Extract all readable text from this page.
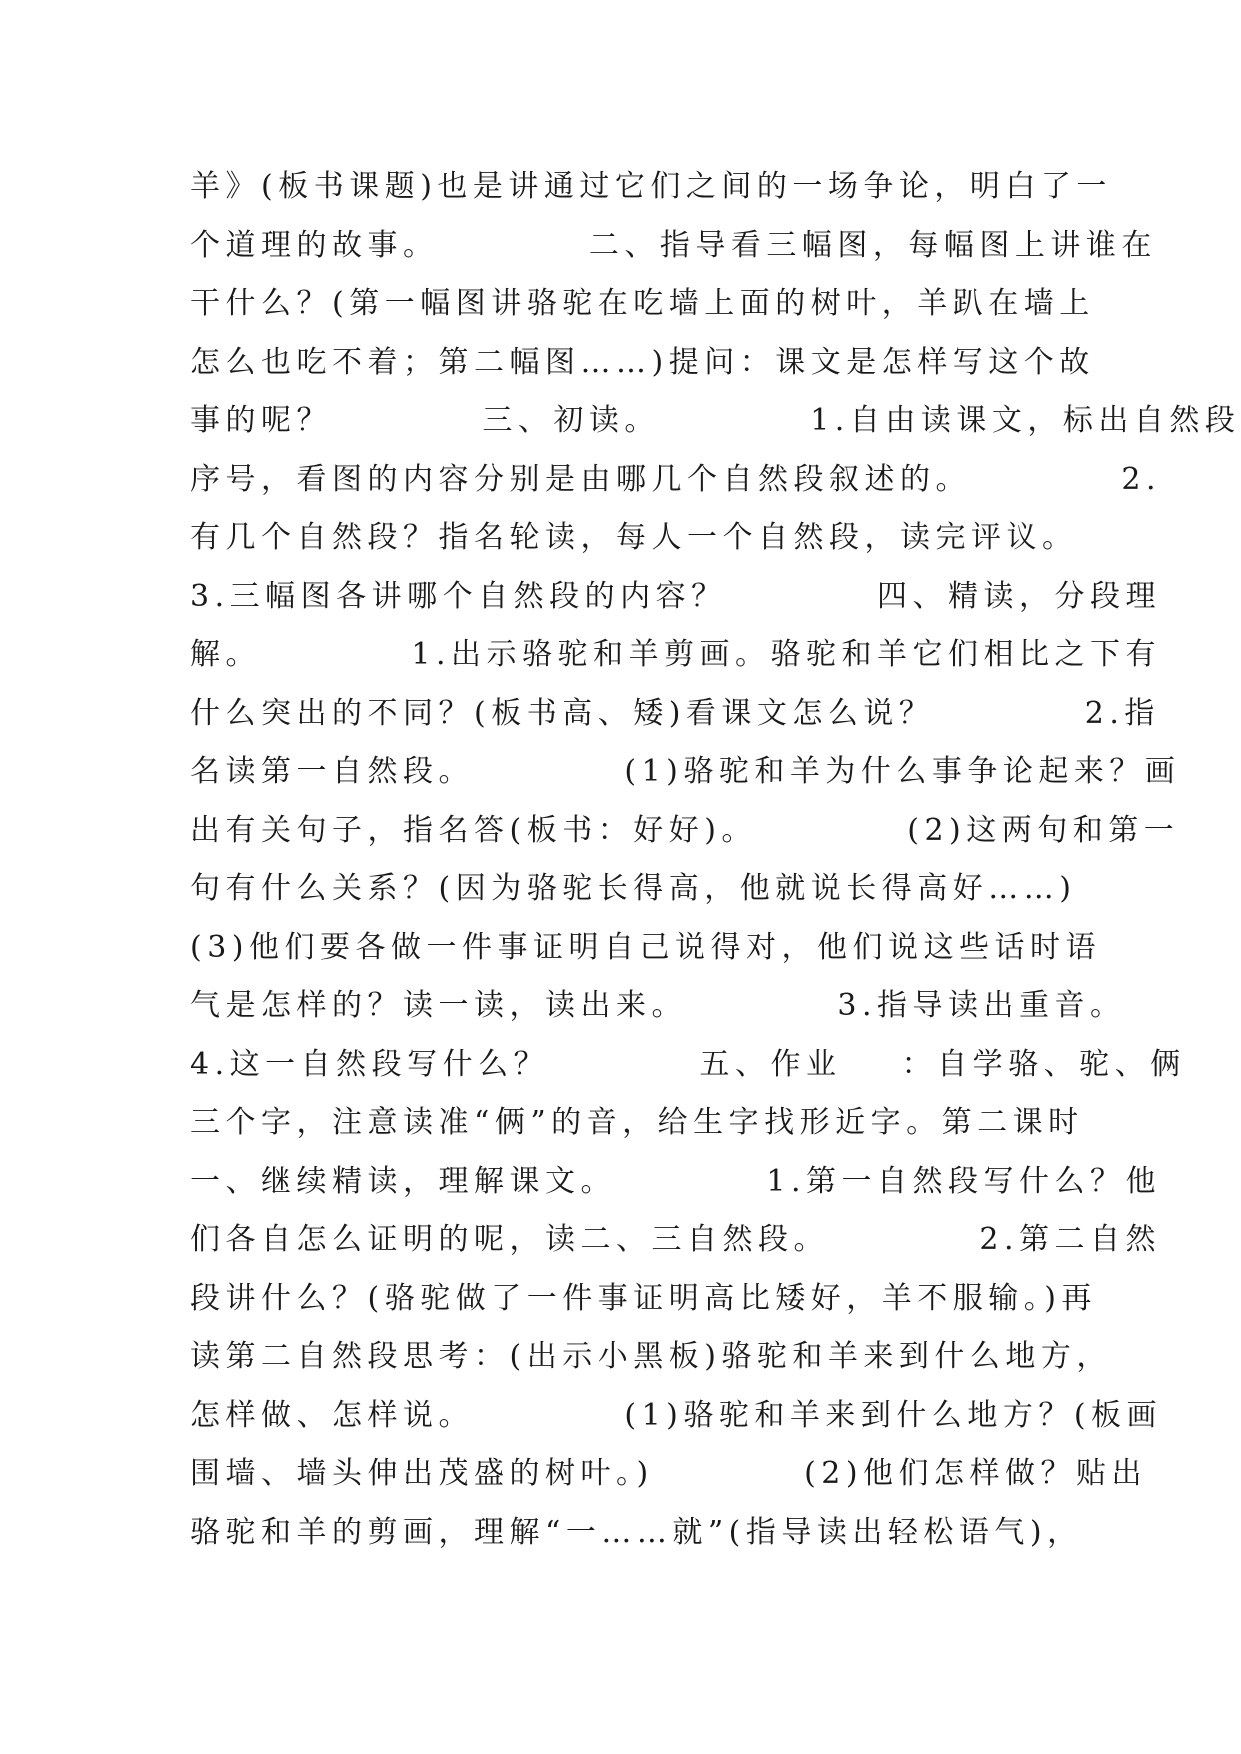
羊》(板书课题)也是讲通过它们之间的一场争论，明白了一
个道理的故事。          二、指导看三幅图，每幅图上讲谁在
干什么？(第一幅图讲骆驼在吃墙上面的树叶，羊趴在墙上
怎么也吃不着；第二幅图……)提问：课文是怎样写这个故
事的呢？          三、初读。          1.自由读课文，标出自然段
序号，看图的内容分别是由哪几个自然段叙述的。          2.
有几个自然段？指名轮读，每人一个自然段，读完评议。
3.三幅图各讲哪个自然段的内容？          四、精读，分段理
解。          1.出示骆驼和羊剪画。骆驼和羊它们相比之下有
什么突出的不同？(板书高、矮)看课文怎么说？          2.指
名读第一自然段。          (1)骆驼和羊为什么事争论起来？画
出有关句子，指名答(板书：好好)。          (2)这两句和第一
句有什么关系？(因为骆驼长得高，他就说长得高好……)
(3)他们要各做一件事证明自己说得对，他们说这些话时语
气是怎样的？读一读，读出来。          3.指导读出重音。
4.这一自然段写什么？          五、作业    ：自学骆、驼、俩
三个字，注意读准“俩”的音，给生字找形近字。第二课时
一、继续精读，理解课文。          1.第一自然段写什么？他
们各自怎么证明的呢，读二、三自然段。          2.第二自然
段讲什么？(骆驼做了一件事证明高比矮好，羊不服输。)再
读第二自然段思考：(出示小黑板)骆驼和羊来到什么地方，
怎样做、怎样说。          (1)骆驼和羊来到什么地方？(板画
围墙、墙头伸出茂盛的树叶。)          (2)他们怎样做？贴出
骆驼和羊的剪画，理解“一……就”(指导读出轻松语气)，
